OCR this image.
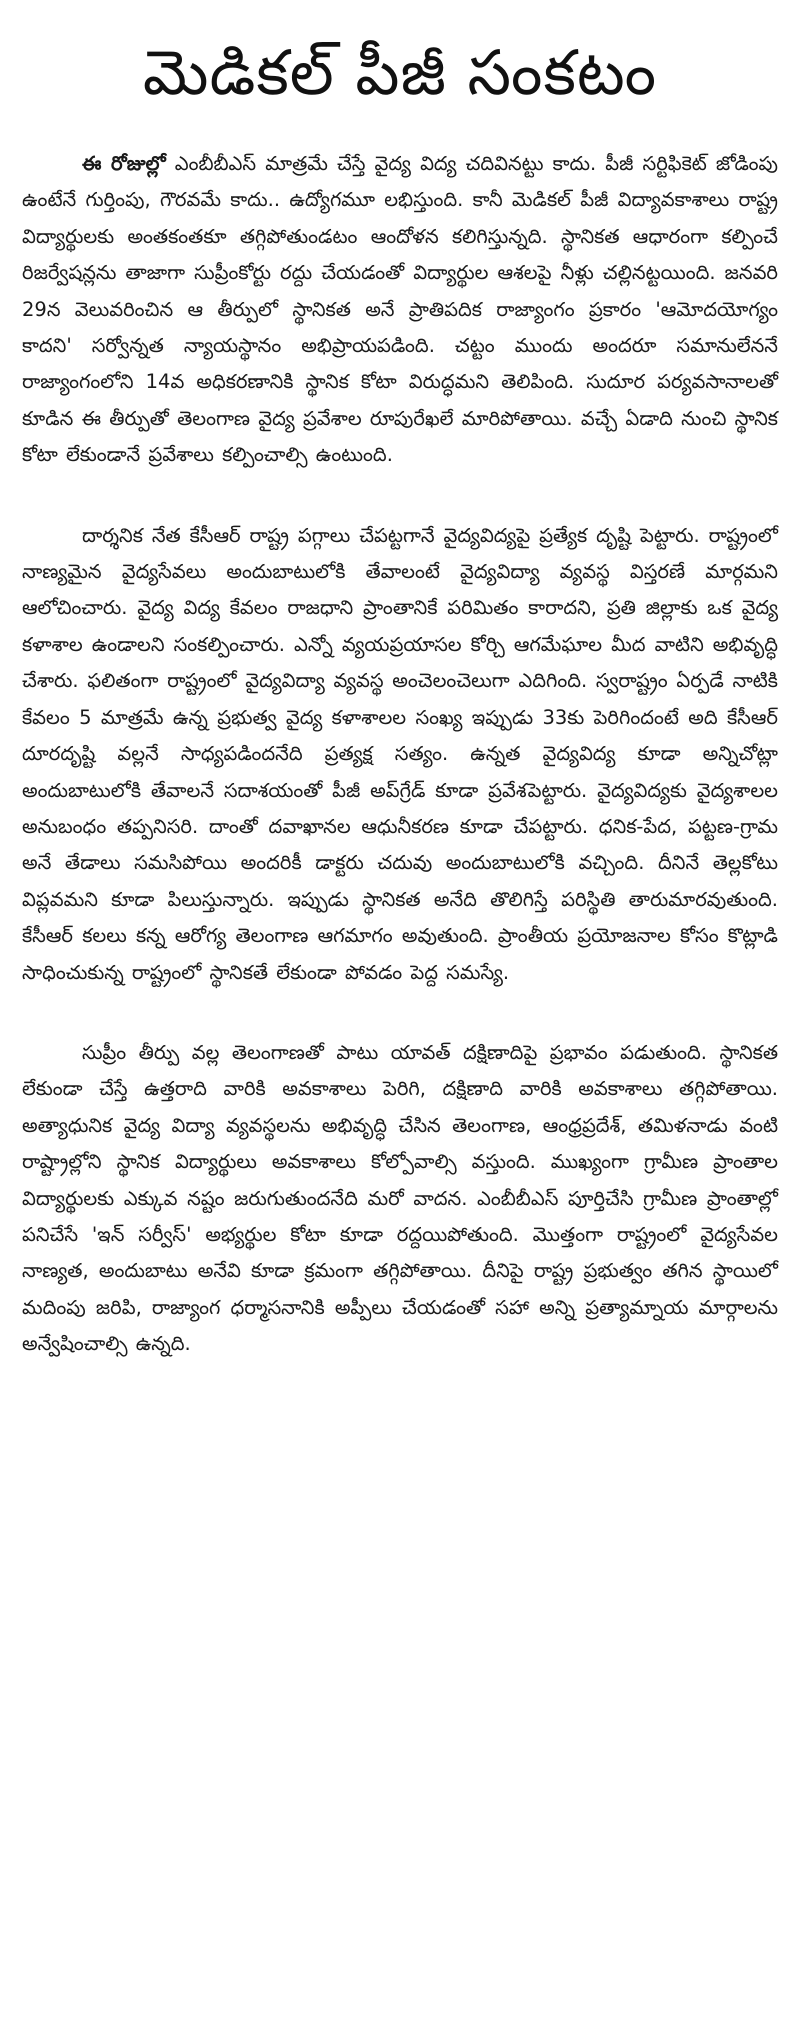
మెడికల్ పీజీ సంకటం

ఈ రోజుల్లో ఎంబీబీఎస్ మాత్రమే చేస్తే వైద్య విద్య చదివినట్టు కాదు. పీజీ సర్టిఫికెట్ జోడింపు ఉంటేనే గుర్తింపు, గౌరవమే కాదు.. ఉద్యోగమూ లభిస్తుంది. కానీ మెడికల్ పీజీ విద్యావకాశాలు రాష్ట్ర విద్యార్థులకు అంతకంతకూ తగ్గిపోతుండటం ఆందోళన కలిగిస్తున్నది. స్థానికత ఆధారంగా కల్పించే రిజర్వేషన్లను తాజాగా సుప్రీంకోర్టు రద్దు చేయడంతో విద్యార్థుల ఆశలపై నీళ్లు చల్లినట్టయింది. జనవరి 29న వెలువరించిన ఆ తీర్పులో స్థానికత అనే ప్రాతిపదిక రాజ్యాంగం ప్రకారం 'ఆమోదయోగ్యం కాదని' సర్వోన్నత న్యాయస్థానం అభిప్రాయపడింది. చట్టం ముందు అందరూ సమానులేననే రాజ్యాంగంలోని 14వ అధికరణానికి స్థానిక కోటా విరుద్ధమని తెలిపింది. సుదూర పర్యవసానాలతో కూడిన ఈ తీర్పుతో తెలంగాణ వైద్య ప్రవేశాల రూపురేఖలే మారిపోతాయి. వచ్చే ఏడాది నుంచి స్థానిక కోటా లేకుండానే ప్రవేశాలు కల్పించాల్సి ఉంటుంది.

దార్శనిక నేత కేసీఆర్ రాష్ట్ర పగ్గాలు చేపట్టగానే వైద్యవిద్యపై ప్రత్యేక దృష్టి పెట్టారు. రాష్ట్రంలో నాణ్యమైన వైద్యసేవలు అందుబాటులోకి తేవాలంటే వైద్యవిద్యా వ్యవస్థ విస్తరణే మార్గమని ఆలోచించారు. వైద్య విద్య కేవలం రాజధాని ప్రాంతానికే పరిమితం కారాదని, ప్రతి జిల్లాకు ఒక వైద్య కళాశాల ఉండాలని సంకల్పించారు. ఎన్నో వ్యయప్రయాసల కోర్చి ఆగమేఘాల మీద వాటిని అభివృద్ధి చేశారు. ఫలితంగా రాష్ట్రంలో వైద్యవిద్యా వ్యవస్థ అంచెలంచెలుగా ఎదిగింది. స్వరాష్ట్రం ఏర్పడే నాటికి కేవలం 5 మాత్రమే ఉన్న ప్రభుత్వ వైద్య కళాశాలల సంఖ్య ఇప్పుడు 33కు పెరిగిందంటే అది కేసీఆర్ దూరదృష్టి వల్లనే సాధ్యపడిందనేది ప్రత్యక్ష సత్యం. ఉన్నత వైద్యవిద్య కూడా అన్నిచోట్లా అందుబాటులోకి తేవాలనే సదాశయంతో పీజీ అప్‌గ్రేడ్ కూడా ప్రవేశపెట్టారు. వైద్యవిద్యకు వైద్యశాలల అనుబంధం తప్పనిసరి. దాంతో దవాఖానల ఆధునీకరణ కూడా చేపట్టారు. ధనిక-పేద, పట్టణ-గ్రామ అనే తేడాలు సమసిపోయి అందరికీ డాక్టరు చదువు అందుబాటులోకి వచ్చింది. దీనినే తెల్లకోటు విప్లవమని కూడా పిలుస్తున్నారు. ఇప్పుడు స్థానికత అనేది తొలిగిస్తే పరిస్థితి తారుమారవుతుంది. కేసీఆర్ కలలు కన్న ఆరోగ్య తెలంగాణ ఆగమాగం అవుతుంది. ప్రాంతీయ ప్రయోజనాల కోసం కొట్లాడి సాధించుకున్న రాష్ట్రంలో స్థానికతే లేకుండా పోవడం పెద్ద సమస్యే.

సుప్రీం తీర్పు వల్ల తెలంగాణతో పాటు యావత్ దక్షిణాదిపై ప్రభావం పడుతుంది. స్థానికత లేకుండా చేస్తే ఉత్తరాది వారికి అవకాశాలు పెరిగి, దక్షిణాది వారికి అవకాశాలు తగ్గిపోతాయి. అత్యాధునిక వైద్య విద్యా వ్యవస్థలను అభివృద్ధి చేసిన తెలంగాణ, ఆంధ్రప్రదేశ్, తమిళనాడు వంటి రాష్ట్రాల్లోని స్థానిక విద్యార్థులు అవకాశాలు కోల్పోవాల్సి వస్తుంది. ముఖ్యంగా గ్రామీణ ప్రాంతాల విద్యార్థులకు ఎక్కువ నష్టం జరుగుతుందనేది మరో వాదన. ఎంబీబీఎస్ పూర్తిచేసి గ్రామీణ ప్రాంతాల్లో పనిచేసే 'ఇన్ సర్వీస్' అభ్యర్థుల కోటా కూడా రద్దయిపోతుంది. మొత్తంగా రాష్ట్రంలో వైద్యసేవల నాణ్యత, అందుబాటు అనేవి కూడా క్రమంగా తగ్గిపోతాయి. దీనిపై రాష్ట్ర ప్రభుత్వం తగిన స్థాయిలో మదింపు జరిపి, రాజ్యాంగ ధర్మాసనానికి అప్పీలు చేయడంతో సహా అన్ని ప్రత్యామ్నాయ మార్గాలను అన్వేషించాల్సి ఉన్నది.
